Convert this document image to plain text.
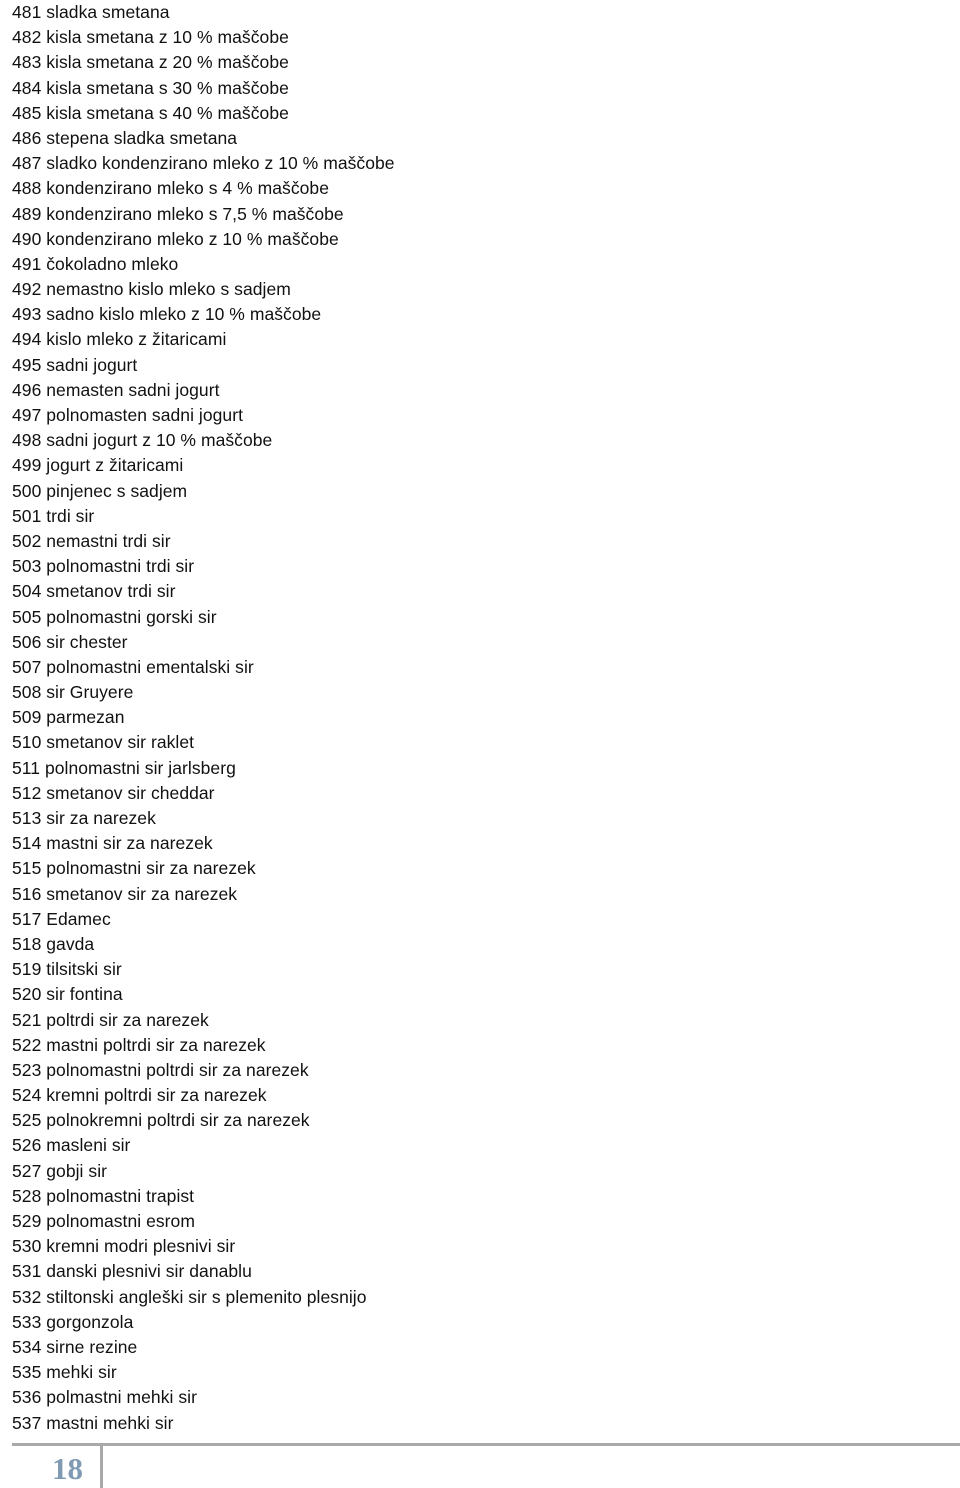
481 sladka smetana
482 kisla smetana z 10 % maščobe
483 kisla smetana z 20 % maščobe
484 kisla smetana s 30 % maščobe
485 kisla smetana s 40 % maščobe
486 stepena sladka smetana
487 sladko kondenzirano mleko z 10 % maščobe
488 kondenzirano mleko s 4 % maščobe
489 kondenzirano mleko s 7,5 % maščobe
490 kondenzirano mleko z 10 % maščobe
491 čokoladno mleko
492 nemastno kislo mleko s sadjem
493 sadno kislo mleko z 10 % maščobe
494 kislo mleko z žitaricami
495 sadni jogurt
496 nemasten sadni jogurt
497 polnomasten sadni jogurt
498 sadni jogurt z 10 % maščobe
499 jogurt z žitaricami
500 pinjenec s sadjem
501 trdi sir
502 nemastni trdi sir
503 polnomastni trdi sir
504 smetanov trdi sir
505 polnomastni gorski sir
506 sir chester
507 polnomastni ementalski sir
508 sir Gruyere
509 parmezan
510 smetanov sir raklet
511 polnomastni sir jarlsberg
512 smetanov sir cheddar
513 sir za narezek
514 mastni sir za narezek
515 polnomastni sir za narezek
516 smetanov sir za narezek
517 Edamec
518 gavda
519 tilsitski sir
520 sir fontina
521 poltrdi sir za narezek
522 mastni poltrdi sir za narezek
523 polnomastni poltrdi sir za narezek
524 kremni poltrdi sir za narezek
525 polnokremni poltrdi sir za narezek
526 masleni sir
527 gobji sir
528 polnomastni trapist
529 polnomastni esrom
530 kremni modri plesnivi sir
531 danski plesnivi sir danablu
532 stiltonski angleški sir s plemenito plesnijo
533 gorgonzola
534 sirne rezine
535 mehki sir
536 polmastni mehki sir
537 mastni mehki sir
18
